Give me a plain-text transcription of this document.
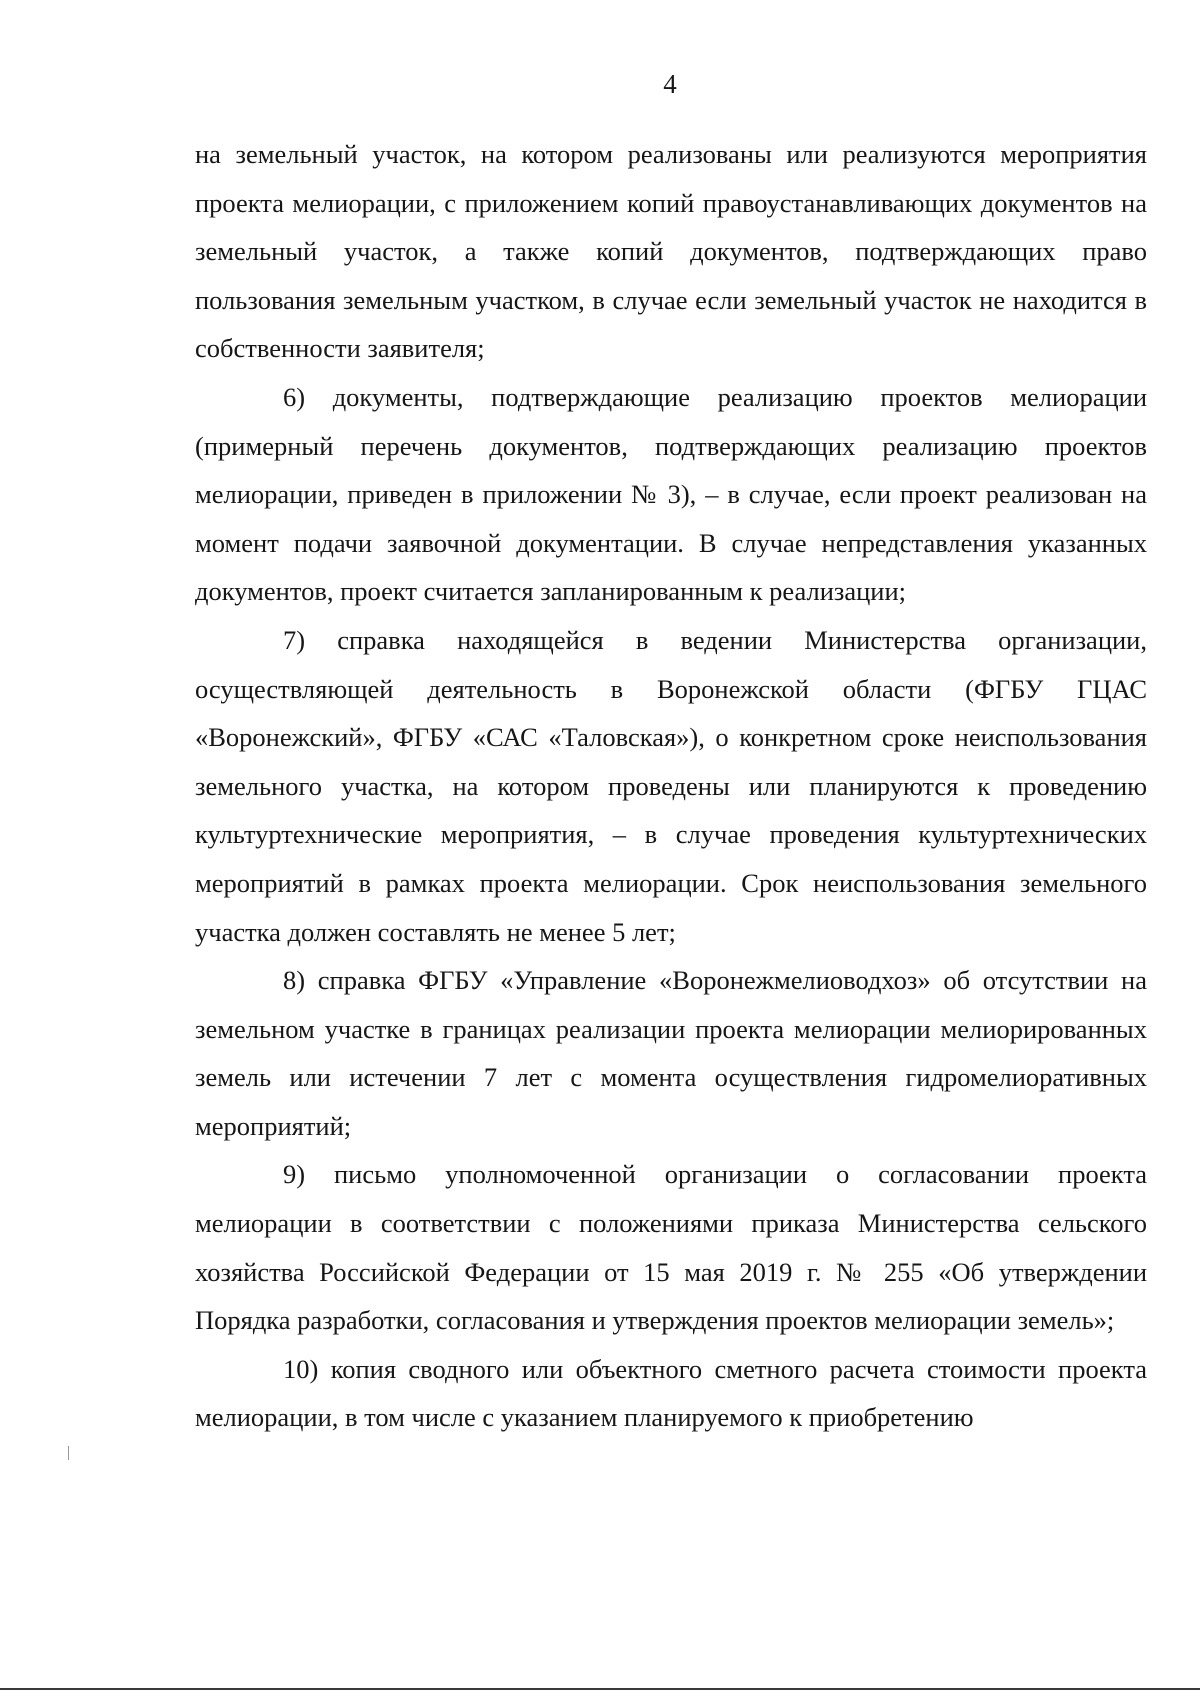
4

на земельный участок, на котором реализованы или реализуются мероприятия проекта мелиорации, с приложением копий правоустанавливающих документов на земельный участок, а также копий документов, подтверждающих право пользования земельным участком, в случае если земельный участок не находится в собственности заявителя;

6) документы, подтверждающие реализацию проектов мелиорации (примерный перечень документов, подтверждающих реализацию проектов мелиорации, приведен в приложении № 3), – в случае, если проект реализован на момент подачи заявочной документации. В случае непредставления указанных документов, проект считается запланированным к реализации;

7) справка находящейся в ведении Министерства организации, осуществляющей деятельность в Воронежской области (ФГБУ ГЦАС «Воронежский», ФГБУ «САС «Таловская»), о конкретном сроке неиспользования земельного участка, на котором проведены или планируются к проведению культуртехнические мероприятия, – в случае проведения культуртехнических мероприятий в рамках проекта мелиорации. Срок неиспользования земельного участка должен составлять не менее 5 лет;

8) справка ФГБУ «Управление «Воронежмелиоводхоз» об отсутствии на земельном участке в границах реализации проекта мелиорации мелиорированных земель или истечении 7 лет с момента осуществления гидромелиоративных мероприятий;

9) письмо уполномоченной организации о согласовании проекта мелиорации в соответствии с положениями приказа Министерства сельского хозяйства Российской Федерации от 15 мая 2019 г. № 255 «Об утверждении Порядка разработки, согласования и утверждения проектов мелиорации земель»;

10) копия сводного или объектного сметного расчета стоимости проекта мелиорации, в том числе с указанием планируемого к приобретению
